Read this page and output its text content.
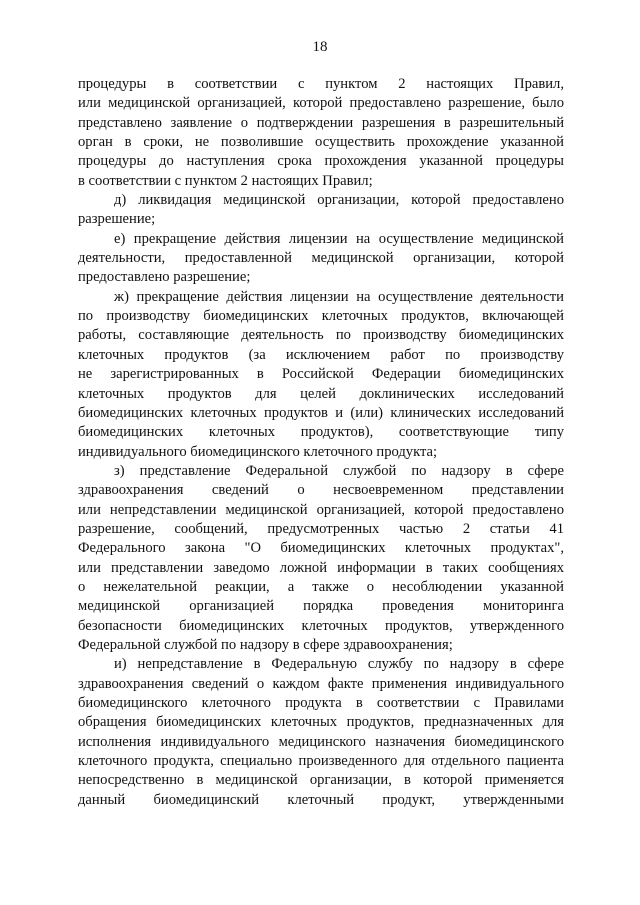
18

процедуры в соответствии с пунктом 2 настоящих Правил,
или медицинской организацией, которой предоставлено разрешение, было
представлено заявление о подтверждении разрешения в разрешительный
орган в сроки, не позволившие осуществить прохождение указанной
процедуры до наступления срока прохождения указанной процедуры
в соответствии с пунктом 2 настоящих Правил;

д) ликвидация медицинской организации, которой предоставлено
разрешение;

е) прекращение действия лицензии на осуществление медицинской
деятельности, предоставленной медицинской организации, которой
предоставлено разрешение;

ж) прекращение действия лицензии на осуществление деятельности
по производству биомедицинских клеточных продуктов, включающей
работы, составляющие деятельность по производству биомедицинских
клеточных продуктов (за исключением работ по производству
не зарегистрированных в Российской Федерации биомедицинских
клеточных продуктов для целей доклинических исследований
биомедицинских клеточных продуктов и (или) клинических исследований
биомедицинских клеточных продуктов), соответствующие типу
индивидуального биомедицинского клеточного продукта;

з) представление Федеральной службой по надзору в сфере
здравоохранения сведений о несвоевременном представлении
или непредставлении медицинской организацией, которой предоставлено
разрешение, сообщений, предусмотренных частью 2 статьи 41
Федерального закона "О биомедицинских клеточных продуктах",
или представлении заведомо ложной информации в таких сообщениях
о нежелательной реакции, а также о несоблюдении указанной
медицинской организацией порядка проведения мониторинга
безопасности биомедицинских клеточных продуктов, утвержденного
Федеральной службой по надзору в сфере здравоохранения;

и) непредставление в Федеральную службу по надзору в сфере
здравоохранения сведений о каждом факте применения индивидуального
биомедицинского клеточного продукта в соответствии с Правилами
обращения биомедицинских клеточных продуктов, предназначенных для
исполнения индивидуального медицинского назначения биомедицинского
клеточного продукта, специально произведенного для отдельного пациента
непосредственно в медицинской организации, в которой применяется
данный биомедицинский клеточный продукт, утвержденными
